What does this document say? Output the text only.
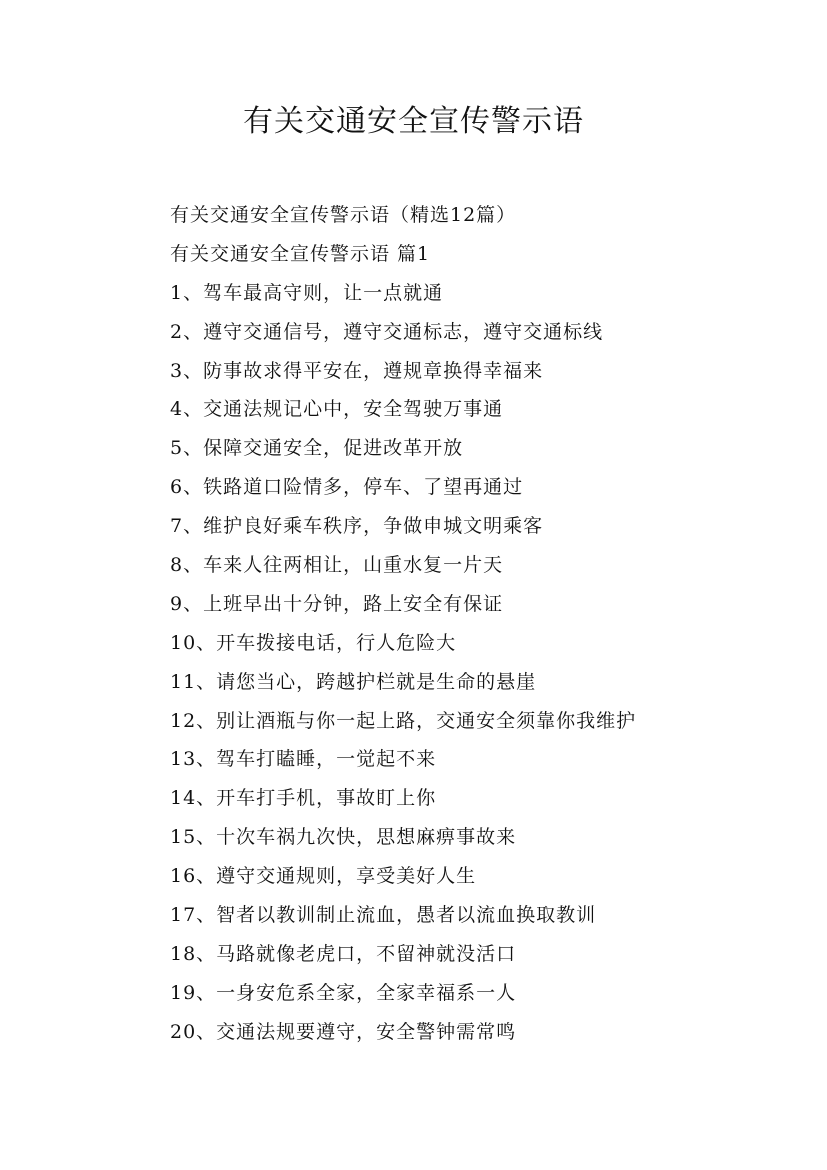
有关交通安全宣传警示语
有关交通安全宣传警示语（精选12篇）
有关交通安全宣传警示语 篇1
1、驾车最高守则，让一点就通
2、遵守交通信号，遵守交通标志，遵守交通标线
3、防事故求得平安在，遵规章换得幸福来
4、交通法规记心中，安全驾驶万事通
5、保障交通安全，促进改革开放
6、铁路道口险情多，停车、了望再通过
7、维护良好乘车秩序，争做申城文明乘客
8、车来人往两相让，山重水复一片天
9、上班早出十分钟，路上安全有保证
10、开车拨接电话，行人危险大
11、请您当心，跨越护栏就是生命的悬崖
12、别让酒瓶与你一起上路，交通安全须靠你我维护
13、驾车打瞌睡，一觉起不来
14、开车打手机，事故盯上你
15、十次车祸九次快，思想麻痹事故来
16、遵守交通规则，享受美好人生
17、智者以教训制止流血，愚者以流血换取教训
18、马路就像老虎口，不留神就没活口
19、一身安危系全家，全家幸福系一人
20、交通法规要遵守，安全警钟需常鸣
